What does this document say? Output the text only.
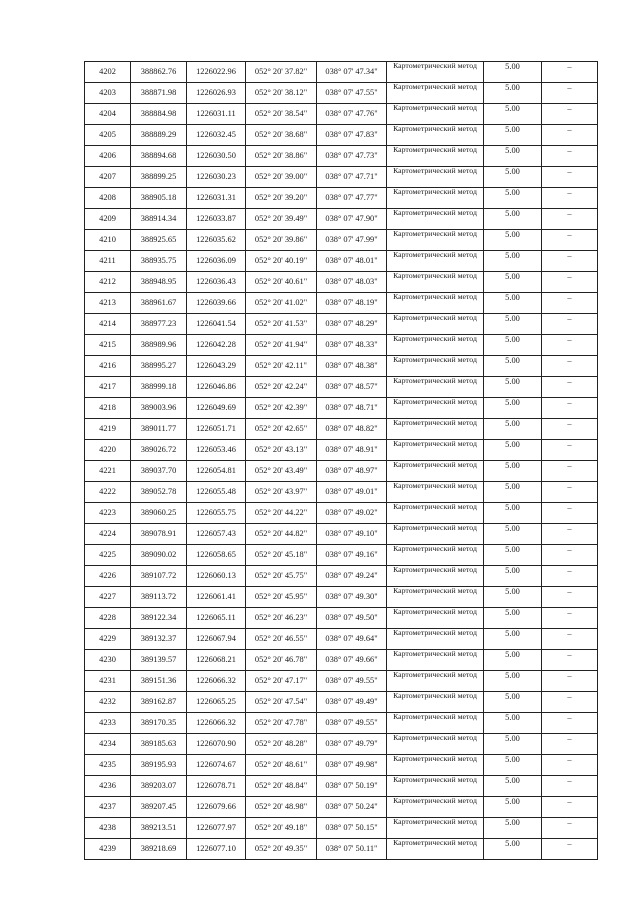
4202	388862.76	1226022.96	052° 20' 37.82"	038° 07' 47.34"	Картометрический метод	5.00	–
4203	388871.98	1226026.93	052° 20' 38.12"	038° 07' 47.55"	Картометрический метод	5.00	–
4204	388884.98	1226031.11	052° 20' 38.54"	038° 07' 47.76"	Картометрический метод	5.00	–
4205	388889.29	1226032.45	052° 20' 38.68"	038° 07' 47.83"	Картометрический метод	5.00	–
4206	388894.68	1226030.50	052° 20' 38.86"	038° 07' 47.73"	Картометрический метод	5.00	–
4207	388899.25	1226030.23	052° 20' 39.00"	038° 07' 47.71"	Картометрический метод	5.00	–
4208	388905.18	1226031.31	052° 20' 39.20"	038° 07' 47.77"	Картометрический метод	5.00	–
4209	388914.34	1226033.87	052° 20' 39.49"	038° 07' 47.90"	Картометрический метод	5.00	–
4210	388925.65	1226035.62	052° 20' 39.86"	038° 07' 47.99"	Картометрический метод	5.00	–
4211	388935.75	1226036.09	052° 20' 40.19"	038° 07' 48.01"	Картометрический метод	5.00	–
4212	388948.95	1226036.43	052° 20' 40.61"	038° 07' 48.03"	Картометрический метод	5.00	–
4213	388961.67	1226039.66	052° 20' 41.02"	038° 07' 48.19"	Картометрический метод	5.00	–
4214	388977.23	1226041.54	052° 20' 41.53"	038° 07' 48.29"	Картометрический метод	5.00	–
4215	388989.96	1226042.28	052° 20' 41.94"	038° 07' 48.33"	Картометрический метод	5.00	–
4216	388995.27	1226043.29	052° 20' 42.11"	038° 07' 48.38"	Картометрический метод	5.00	–
4217	388999.18	1226046.86	052° 20' 42.24"	038° 07' 48.57"	Картометрический метод	5.00	–
4218	389003.96	1226049.69	052° 20' 42.39"	038° 07' 48.71"	Картометрический метод	5.00	–
4219	389011.77	1226051.71	052° 20' 42.65"	038° 07' 48.82"	Картометрический метод	5.00	–
4220	389026.72	1226053.46	052° 20' 43.13"	038° 07' 48.91"	Картометрический метод	5.00	–
4221	389037.70	1226054.81	052° 20' 43.49"	038° 07' 48.97"	Картометрический метод	5.00	–
4222	389052.78	1226055.48	052° 20' 43.97"	038° 07' 49.01"	Картометрический метод	5.00	–
4223	389060.25	1226055.75	052° 20' 44.22"	038° 07' 49.02"	Картометрический метод	5.00	–
4224	389078.91	1226057.43	052° 20' 44.82"	038° 07' 49.10"	Картометрический метод	5.00	–
4225	389090.02	1226058.65	052° 20' 45.18"	038° 07' 49.16"	Картометрический метод	5.00	–
4226	389107.72	1226060.13	052° 20' 45.75"	038° 07' 49.24"	Картометрический метод	5.00	–
4227	389113.72	1226061.41	052° 20' 45.95"	038° 07' 49.30"	Картометрический метод	5.00	–
4228	389122.34	1226065.11	052° 20' 46.23"	038° 07' 49.50"	Картометрический метод	5.00	–
4229	389132.37	1226067.94	052° 20' 46.55"	038° 07' 49.64"	Картометрический метод	5.00	–
4230	389139.57	1226068.21	052° 20' 46.78"	038° 07' 49.66"	Картометрический метод	5.00	–
4231	389151.36	1226066.32	052° 20' 47.17"	038° 07' 49.55"	Картометрический метод	5.00	–
4232	389162.87	1226065.25	052° 20' 47.54"	038° 07' 49.49"	Картометрический метод	5.00	–
4233	389170.35	1226066.32	052° 20' 47.78"	038° 07' 49.55"	Картометрический метод	5.00	–
4234	389185.63	1226070.90	052° 20' 48.28"	038° 07' 49.79"	Картометрический метод	5.00	–
4235	389195.93	1226074.67	052° 20' 48.61"	038° 07' 49.98"	Картометрический метод	5.00	–
4236	389203.07	1226078.71	052° 20' 48.84"	038° 07' 50.19"	Картометрический метод	5.00	–
4237	389207.45	1226079.66	052° 20' 48.98"	038° 07' 50.24"	Картометрический метод	5.00	–
4238	389213.51	1226077.97	052° 20' 49.18"	038° 07' 50.15"	Картометрический метод	5.00	–
4239	389218.69	1226077.10	052° 20' 49.35"	038° 07' 50.11"	Картометрический метод	5.00	–
